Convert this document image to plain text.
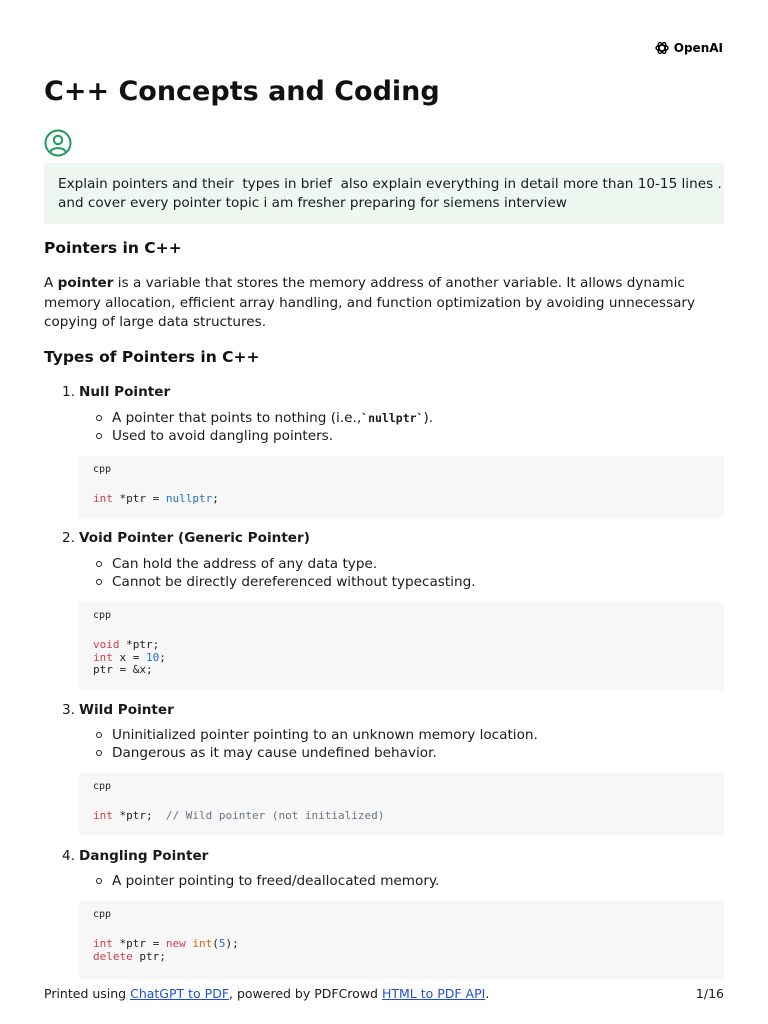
OpenAI
C++ Concepts and Coding
Explain pointers and their  types in brief  also explain everything in detail more than 10-15 lines .
and cover every pointer topic i am fresher preparing for siemens interview
Pointers in C++

A pointer is a variable that stores the memory address of another variable. It allows dynamic memory allocation, efficient array handling, and function optimization by avoiding unnecessary copying of large data structures.

Types of Pointers in C++

1. Null Pointer

A pointer that points to nothing (i.e., `nullptr` ).

Used to avoid dangling pointers.

cpp
int *ptr = nullptr;

2. Void Pointer (Generic Pointer)

Can hold the address of any data type.

Cannot be directly dereferenced without typecasting.

cpp
void *ptr;
int x = 10;
ptr = &x;

3. Wild Pointer

Uninitialized pointer pointing to an unknown memory location.

Dangerous as it may cause undefined behavior.

cpp
int *ptr;  // Wild pointer (not initialized)

4. Dangling Pointer

A pointer pointing to freed/deallocated memory.

cpp
int *ptr = new int(5);
delete ptr;
Printed using ChatGPT to PDF, powered by PDFCrowd HTML to PDF API.	1/16
